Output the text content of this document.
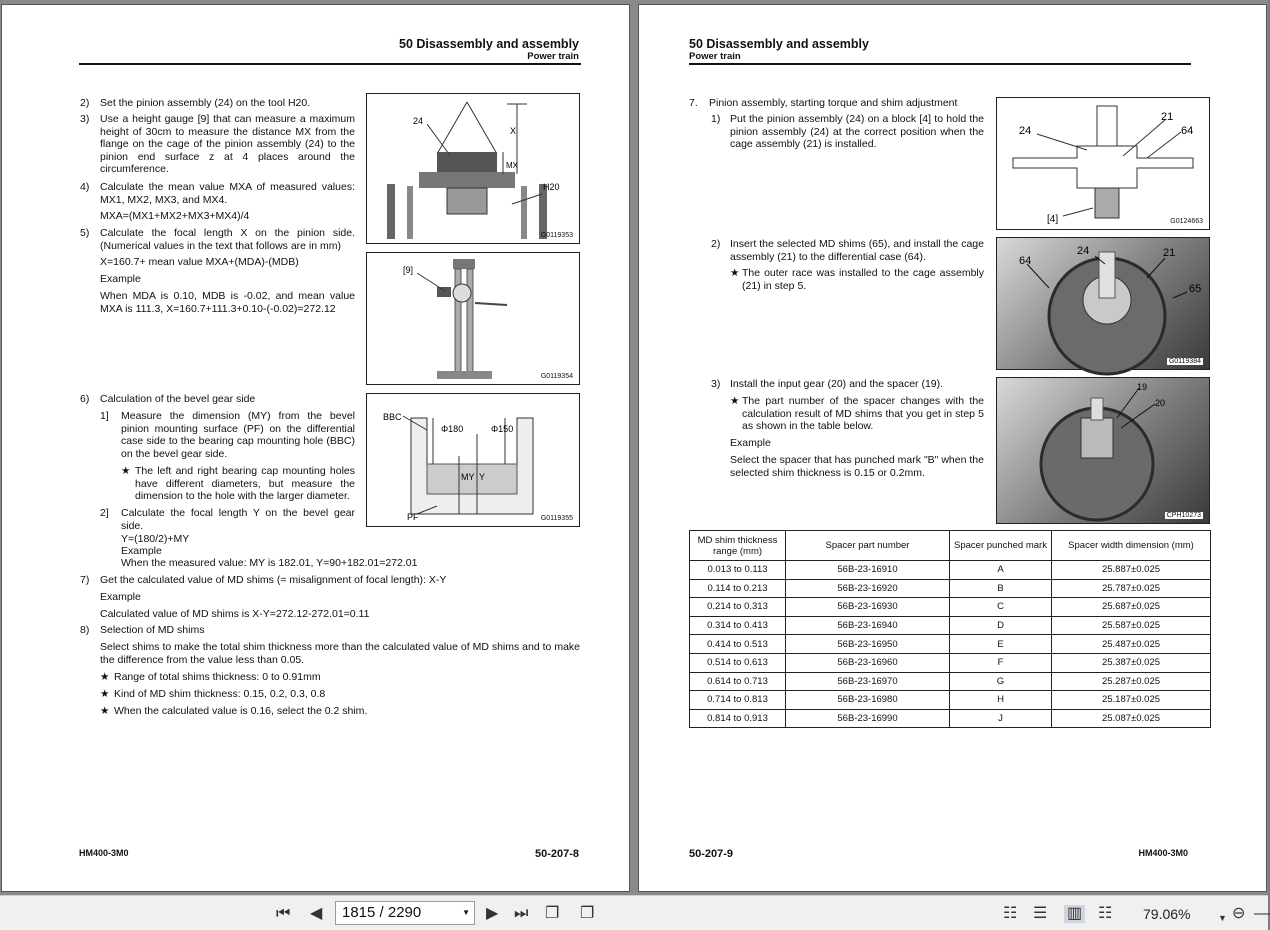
50 Disassembly and assembly
Power train
2) Set the pinion assembly (24) on the tool H20.
3) Use a height gauge [9] that can measure a maximum height of 30cm to measure the distance MX from the flange on the cage of the pinion assembly (24) to the pinion end surface z at 4 places around the circumference.
4) Calculate the mean value MXA of measured values: MX1, MX2, MX3, and MX4.
MXA=(MX1+MX2+MX3+MX4)/4
5) Calculate the focal length X on the pinion side. (Numerical values in the text that follows are in mm)
X=160.7+ mean value MXA+(MDA)-(MDB)
Example
When MDA is 0.10, MDB is -0.02, and mean value MXA is 111.3, X=160.7+111.3+0.10-(-0.02)=272.12
6) Calculation of the bevel gear side
1] Measure the dimension (MY) from the bevel pinion mounting surface (PF) on the differential case side to the bearing cap mounting hole (BBC) on the bevel gear side.
★ The left and right bearing cap mounting holes have different diameters, but measure the dimension to the hole with the larger diameter.
2] Calculate the focal length Y on the bevel gear side.
Y=(180/2)+MY
Example
When the measured value: MY is 182.01, Y=90+182.01=272.01
7) Get the calculated value of MD shims (= misalignment of focal length): X-Y
Example
Calculated value of MD shims is X-Y=272.12-272.01=0.11
8) Selection of MD shims
Select shims to make the total shim thickness more than the calculated value of MD shims and to make the difference from the value less than 0.05.
★ Range of total shims thickness: 0 to 0.91mm
★ Kind of MD shim thickness: 0.15, 0.2, 0.3, 0.8
★ When the calculated value is 0.16, select the 0.2 shim.
24
X
MX
H20
G0119353
[9]
G0119354
BBC
Φ180	Φ150
MY Y
PF	G0119355
HM400-3M0	50-207-8
50 Disassembly and assembly
Power train
7. Pinion assembly, starting torque and shim adjustment
1) Put the pinion assembly (24) on a block [4] to hold the pinion assembly (24) at the correct position when the cage assembly (21) is installed.
2) Insert the selected MD shims (65), and install the cage assembly (21) to the differential case (64).
★ The outer race was installed to the cage assembly (21) in step 5.
3) Install the input gear (20) and the spacer (19).
★ The part number of the spacer changes with the calculation result of MD shims that you get in step 5 as shown in the table below.
Example
Select the spacer that has punched mark "B" when the selected shim thickness is 0.15 or 0.2mm.
24
21
64
[4]	G0124663
64
24	21
65
G0119384
19
20
CPH10273
MD shim thickness range (mm)	Spacer part number	Spacer punched mark	Spacer width dimension (mm)
0.013 to 0.113	56B-23-16910	A	25.887±0.025
0.114 to 0.213	56B-23-16920	B	25.787±0.025
0.214 to 0.313	56B-23-16930	C	25.687±0.025
0.314 to 0.413	56B-23-16940	D	25.587±0.025
0.414 to 0.513	56B-23-16950	E	25.487±0.025
0.514 to 0.613	56B-23-16960	F	25.387±0.025
0.614 to 0.713	56B-23-16970	G	25.287±0.025
0.714 to 0.813	56B-23-16980	H	25.187±0.025
0.814 to 0.913	56B-23-16990	J	25.087±0.025
50-207-9	HM400-3M0
⏮︎ ◀︎	1815 / 2290	▼ ▶︎ ⏭︎ ❐ ❐	☷ ☰ ▥ ☷ 79.06%	▼ ⊖ —
